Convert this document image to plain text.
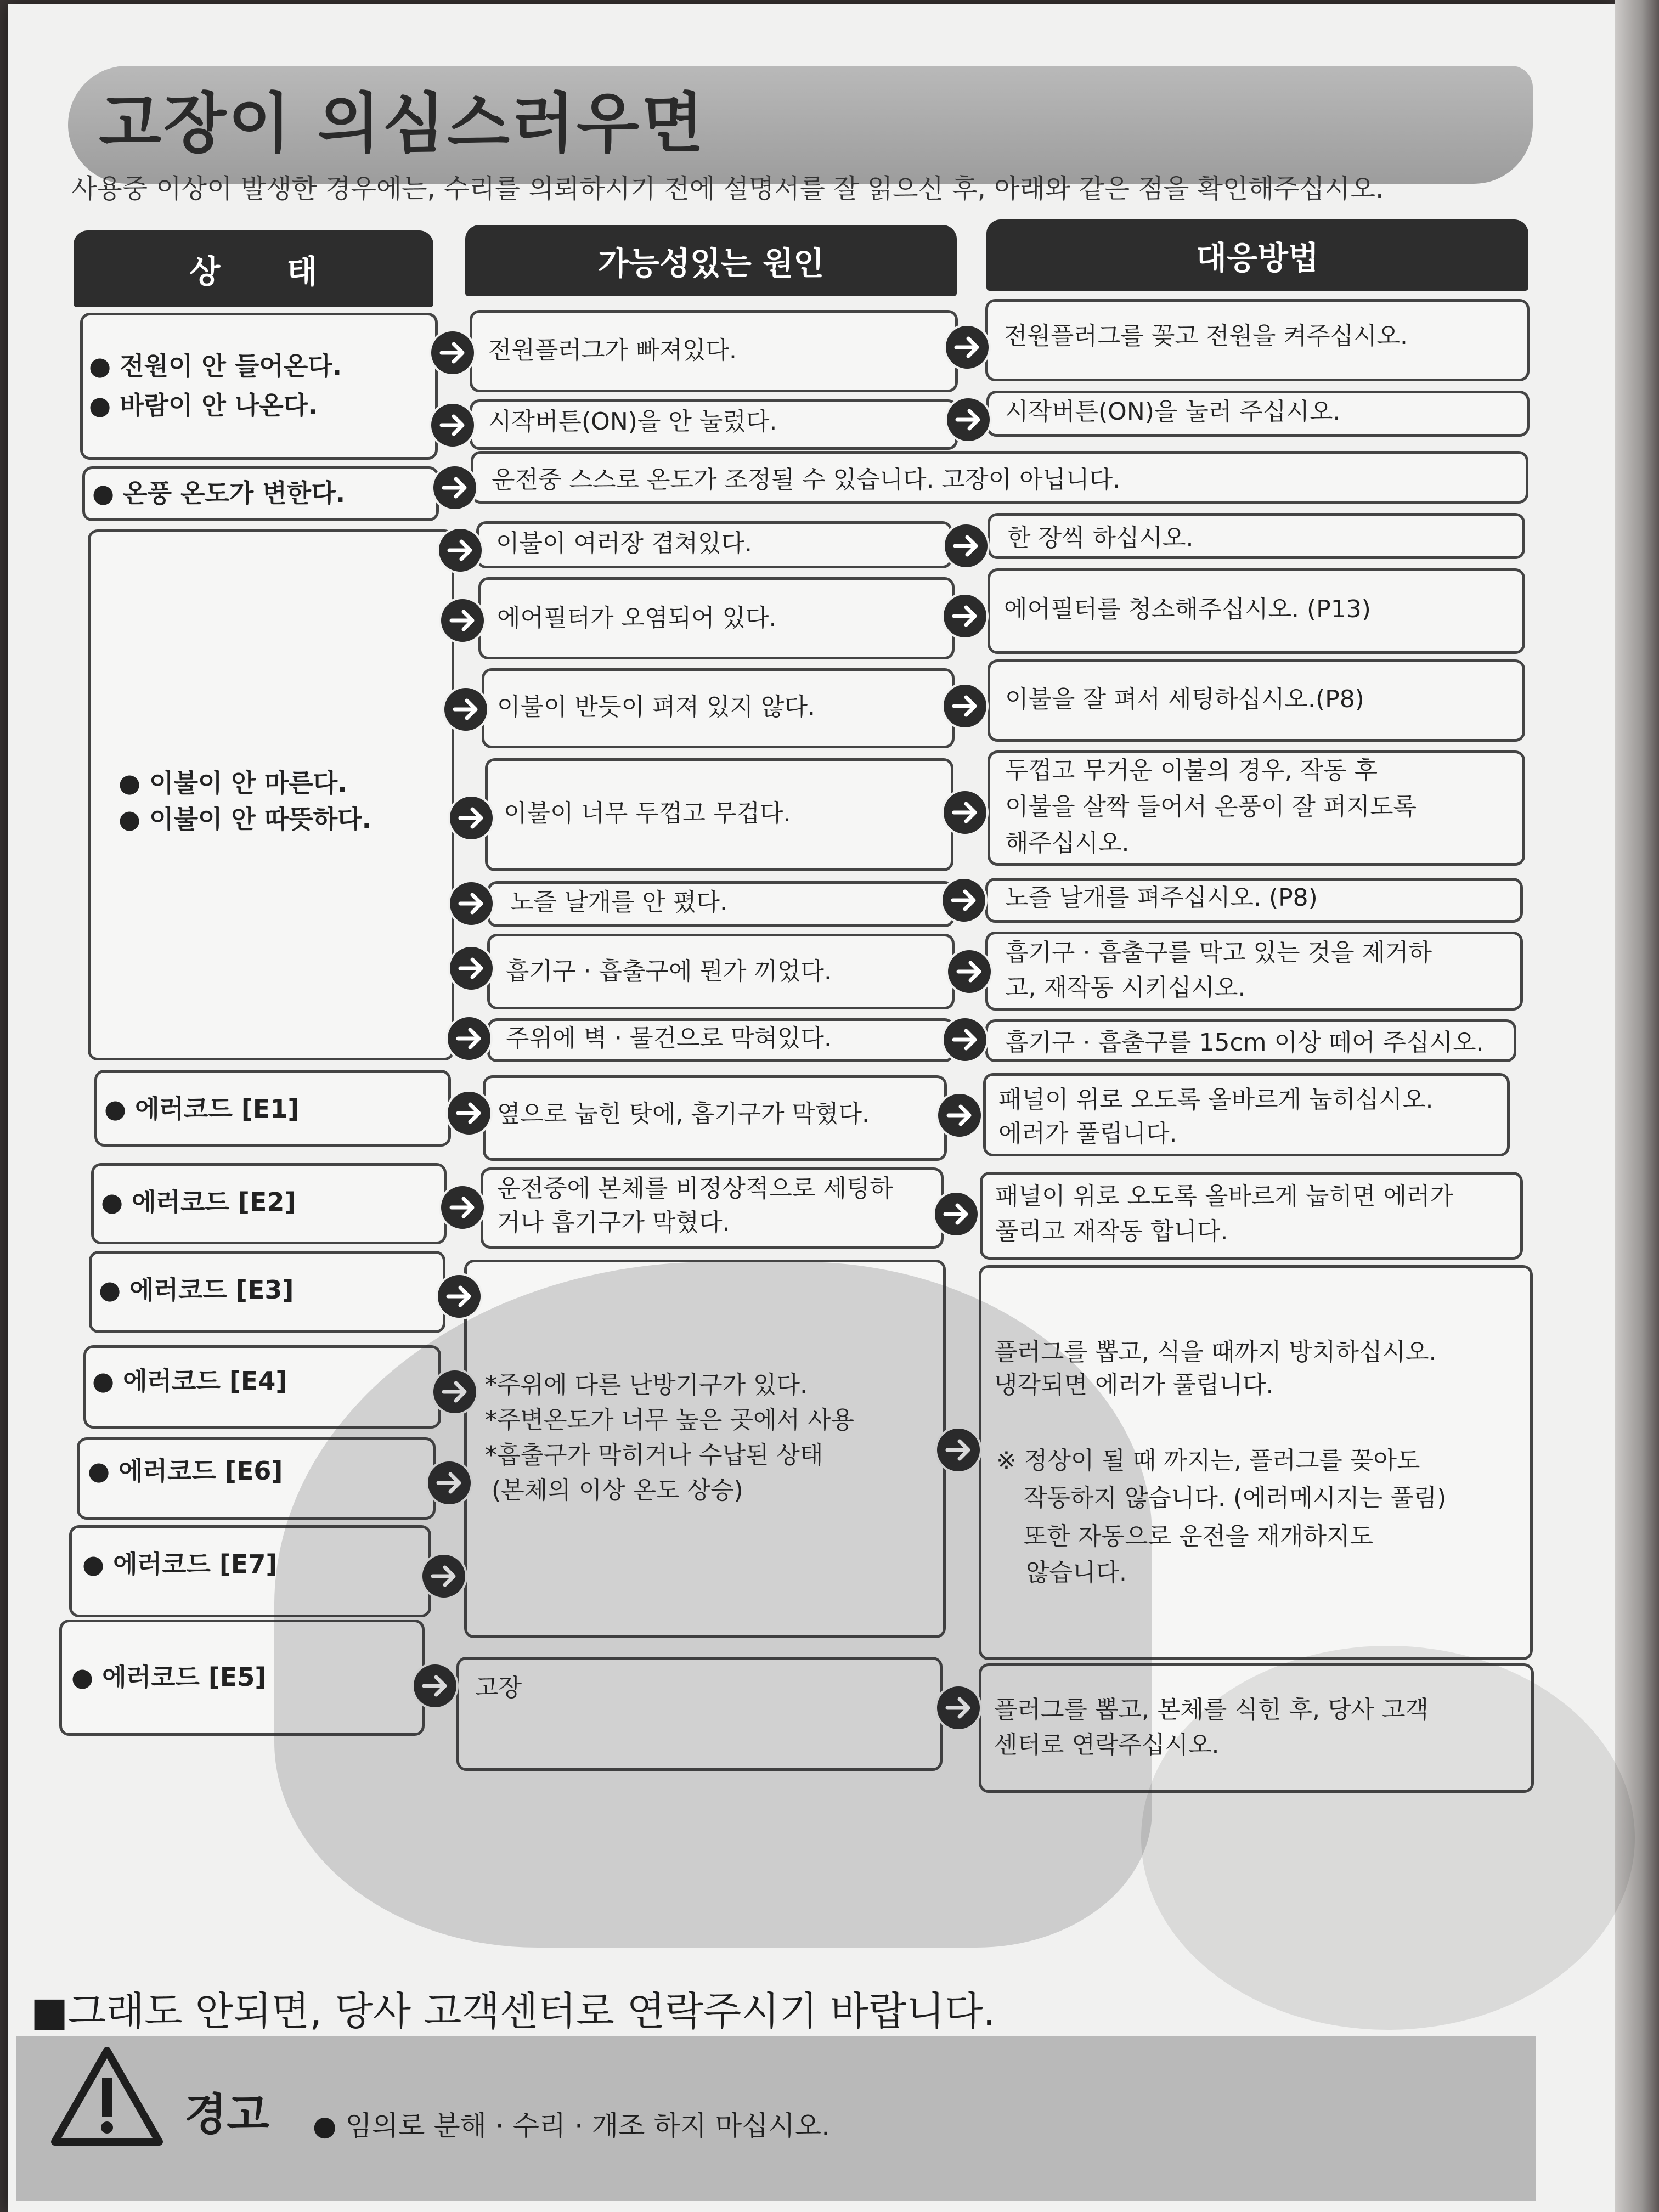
고장이 의심스러우면
사용중 이상이 발생한 경우에는, 수리를 의뢰하시기 전에 설명서를 잘 읽으신 후, 아래와 같은 점을 확인해주십시오.
상      태	가능성있는 원인	대응방법
● 전원이 안 들어온다.
● 바람이 안 나온다.
● 온풍 온도가 변한다.
● 이불이 안 마른다.
● 이불이 안 따뜻하다.
● 에러코드 [E1]
● 에러코드 [E2]
● 에러코드 [E3]
● 에러코드 [E4]
● 에러코드 [E6]
● 에러코드 [E7]
● 에러코드 [E5]
전원플러그가 빠져있다.
시작버튼(ON)을 안 눌렀다.
운전중 스스로 온도가 조정될 수 있습니다. 고장이 아닙니다.
이불이 여러장 겹쳐있다.
에어필터가 오염되어 있다.
이불이 반듯이 펴져 있지 않다.
이불이 너무 두껍고 무겁다.
노즐 날개를 안 폈다.
흡기구 · 흡출구에 뭔가 끼었다.
주위에 벽 · 물건으로 막혀있다.
옆으로 눕힌 탓에, 흡기구가 막혔다.
운전중에 본체를 비정상적으로 세팅하
거나 흡기구가 막혔다.
*주위에 다른 난방기구가 있다.
*주변온도가 너무 높은 곳에서 사용
*흡출구가 막히거나 수납된 상태
(본체의 이상 온도 상승)
고장
전원플러그를 꽂고 전원을 켜주십시오.
시작버튼(ON)을 눌러 주십시오.
한 장씩 하십시오.
에어필터를 청소해주십시오. (P13)
이불을 잘 펴서 세팅하십시오.(P8)
두껍고 무거운 이불의 경우, 작동 후
이불을 살짝 들어서 온풍이 잘 퍼지도록
해주십시오.
노즐 날개를 펴주십시오. (P8)
흡기구 · 흡출구를 막고 있는 것을 제거하
고, 재작동 시키십시오.
흡기구 · 흡출구를 15cm 이상 떼어 주십시오.
패널이 위로 오도록 올바르게 눕히십시오.
에러가 풀립니다.
패널이 위로 오도록 올바르게 눕히면 에러가
풀리고 재작동 합니다.
플러그를 뽑고, 식을 때까지 방치하십시오.
냉각되면 에러가 풀립니다.
※ 정상이 될 때 까지는, 플러그를 꽂아도
작동하지 않습니다. (에러메시지는 풀림)
또한 자동으로 운전을 재개하지도
않습니다.
플러그를 뽑고, 본체를 식힌 후, 당사 고객
센터로 연락주십시오.
■그래도 안되면, 당사 고객센터로 연락주시기 바랍니다.
경고 ● 임의로 분해 · 수리 · 개조 하지 마십시오.
